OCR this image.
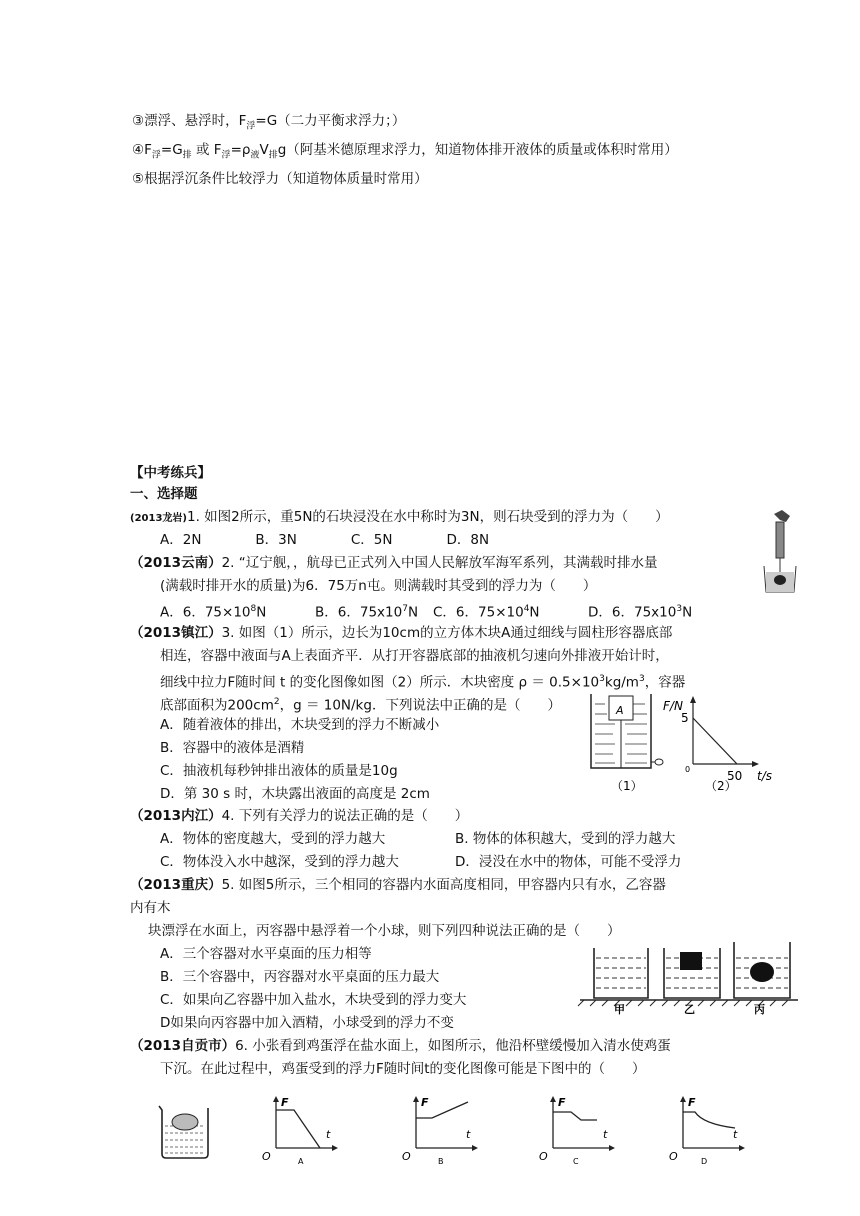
③漂浮、悬浮时，$F_浮=G$（二力平衡求浮力；）
$④F_浮=G_排$ 或 $F_浮=\rho_液V_排g$（阿基米德原理求浮力，知道物体排开液体的质量或体积时常用）
⑤根据浮沉条件比较浮力（知道物体质量时常用）
【中考练兵】
一、选择题
(2013龙岩)1. 如图2所示，重5N的石块浸没在水中称时为3N，则石块受到的浮力为（　　）
A．2N　　　　B．3N　　　　C．5N　　　　D．8N
（2013云南）2. “辽宁舰，，航母已正式列入中国人民解放军海军系列，其满载时排水量
(满载时排开水的质量)为6．75万n屯。则满载时其受到的浮力为（　　）
A．6．$75\times 10^8N$	B．6．$75x10^7N$ C．6．$75\times 10^4N$	D．6．$75x10^3N$
（2013镇江）3. 如图（1）所示，边长为10cm的立方体木块A通过细线与圆柱形容器底部
相连，容器中液面与A上表面齐平．从打开容器底部的抽液机匀速向外排液开始计时，
细线中拉力F随时间 t 的变化图像如图（2）所示．木块密度 $\rho = 0.5\times 10^3kg/m^3$，容器
底部面积为$200cm^2$，g ＝ 10N/kg．下列说法中正确的是（　　）
A．随着液体的排出，木块受到的浮力不断减小
B．容器中的液体是酒精
C．抽液机每秒钟排出液体的质量是10g
D．第 30 s 时，木块露出液面的高度是 2cm
A
（1）
F/N
5
0	50 t/s
（2）
（2013内江）4. 下列有关浮力的说法正确的是（　　）
A．物体的密度越大，受到的浮力越大	B. 物体的体积越大，受到的浮力越大
C．物体没入水中越深，受到的浮力越大	D．浸没在水中的物体，可能不受浮力
（2013重庆）5. 如图5所示，三个相同的容器内水面高度相同，甲容器内只有水，乙容器
内有木
块漂浮在水面上，丙容器中悬浮着一个小球，则下列四种说法正确的是（　　）
A．三个容器对水平桌面的压力相等
B．三个容器中，丙容器对水平桌面的压力最大
C．如果向乙容器中加入盐水，木块受到的浮力变大
D如果向丙容器中加入酒精，小球受到的浮力不变
甲	乙	丙
（2013自贡市）6. 小张看到鸡蛋浮在盐水面上，如图所示，他沿杯壁缓慢加入清水使鸡蛋
下沉。在此过程中，鸡蛋受到的浮力F随时间t的变化图像可能是下图中的（　　）
F
t
O	A
F
t
O	B
F
t
O	C
F
t
O	D
